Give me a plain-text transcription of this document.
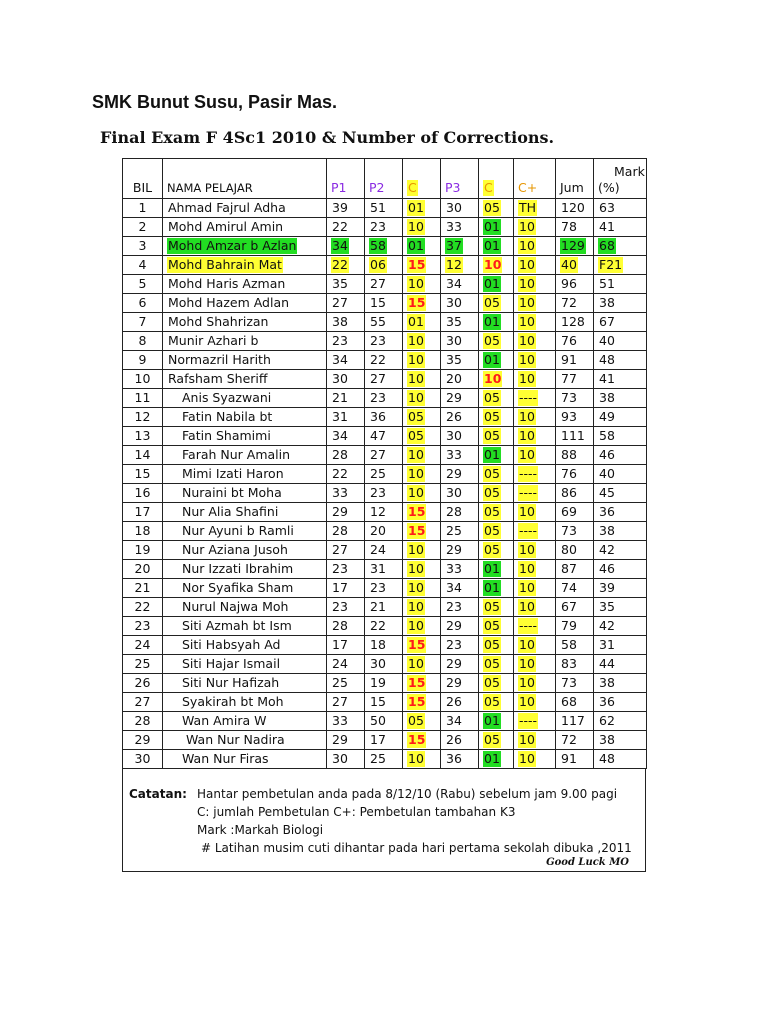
SMK Bunut Susu, Pasir Mas.
Final Exam F 4Sc1 2010 & Number of Corrections.
BIL	NAMA PELAJAR	P1	P2	C	P3	C	C+	Jum	Mark
(%)

1	Ahmad Fajrul Adha	39	51	01	30	05	TH	120	63
2	Mohd Amirul Amin	22	23	10	33	01	10	78	41
3	Mohd Amzar b Azlan	34	58	01	37	01	10	129	68
4	Mohd Bahrain Mat	22	06	15	12	10	10	40	F21
5	Mohd Haris Azman	35	27	10	34	01	10	96	51
6	Mohd Hazem Adlan	27	15	15	30	05	10	72	38
7	Mohd Shahrizan	38	55	01	35	01	10	128	67
8	Munir Azhari b	23	23	10	30	05	10	76	40
9	Normazril Harith	34	22	10	35	01	10	91	48
10	Rafsham Sheriff	30	27	10	20	10	10	77	41
11	Anis Syazwani	21	23	10	29	05	----	73	38
12	Fatin Nabila bt	31	36	05	26	05	10	93	49
13	Fatin Shamimi	34	47	05	30	05	10	111	58
14	Farah Nur Amalin	28	27	10	33	01	10	88	46
15	Mimi Izati Haron	22	25	10	29	05	----	76	40
16	Nuraini bt Moha	33	23	10	30	05	----	86	45
17	Nur Alia Shafini	29	12	15	28	05	10	69	36
18	Nur Ayuni b Ramli	28	20	15	25	05	----	73	38
19	Nur Aziana Jusoh	27	24	10	29	05	10	80	42
20	Nur Izzati Ibrahim	23	31	10	33	01	10	87	46
21	Nor Syafika Sham	17	23	10	34	01	10	74	39
22	Nurul Najwa Moh	23	21	10	23	05	10	67	35
23	Siti Azmah bt Ism	28	22	10	29	05	----	79	42
24	Siti Habsyah Ad	17	18	15	23	05	10	58	31
25	Siti Hajar Ismail	24	30	10	29	05	10	83	44
26	Siti Nur Hafizah	25	19	15	29	05	10	73	38
27	Syakirah bt Moh	27	15	15	26	05	10	68	36
28	Wan Amira W	33	50	05	34	01	----	117	62
29	Wan Nur Nadira	29	17	15	26	05	10	72	38
30	Wan Nur Firas	30	25	10	36	01	10	91	48
Catatan: Hantar pembetulan anda pada 8/12/10 (Rabu) sebelum jam 9.00 pagi
C: jumlah Pembetulan C+: Pembetulan tambahan K3
Mark :Markah Biologi
# Latihan musim cuti dihantar pada hari pertama sekolah dibuka ,2011
Good Luck MO
